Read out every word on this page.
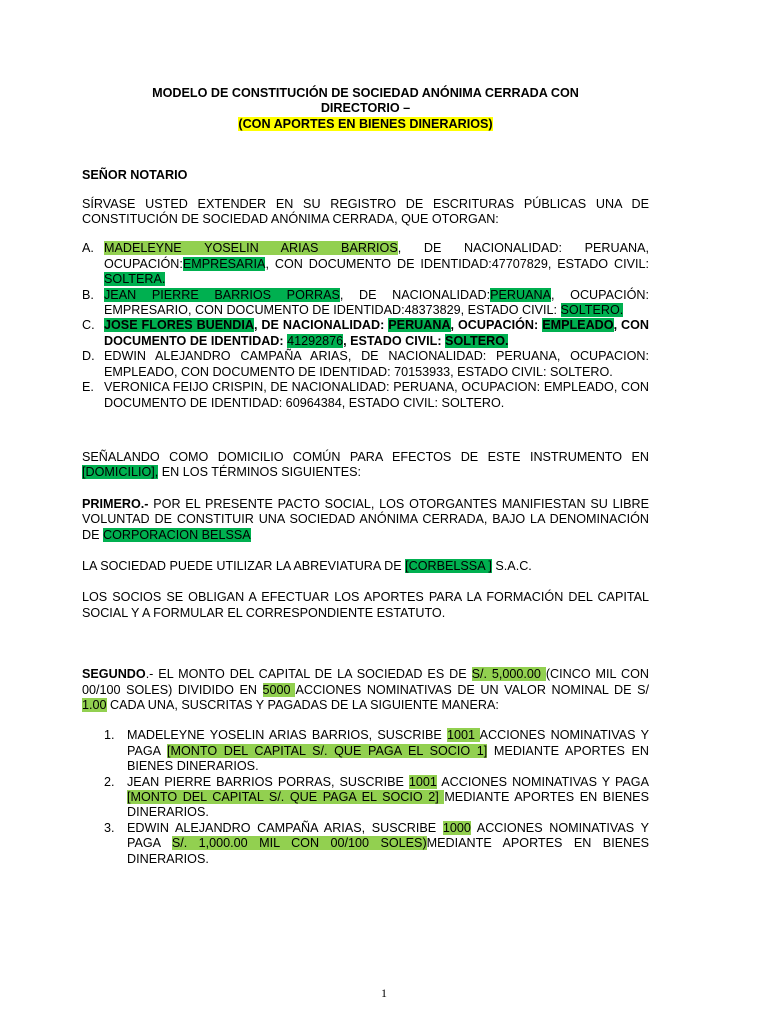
MODELO DE CONSTITUCIÓN DE SOCIEDAD ANÓNIMA CERRADA CON
DIRECTORIO –
(CON APORTES EN BIENES DINERARIOS)

SEÑOR NOTARIO

SÍRVASE USTED EXTENDER EN SU REGISTRO DE ESCRITURAS PÚBLICAS UNA DE CONSTITUCIÓN DE SOCIEDAD ANÓNIMA CERRADA, QUE OTORGAN:

A. MADELEYNE YOSELIN ARIAS BARRIOS, DE NACIONALIDAD: PERUANA, OCUPACIÓN:EMPRESARIA, CON DOCUMENTO DE IDENTIDAD:47707829, ESTADO CIVIL: SOLTERA.
B. JEAN PIERRE BARRIOS PORRAS, DE NACIONALIDAD:PERUANA, OCUPACIÓN: EMPRESARIO, CON DOCUMENTO DE IDENTIDAD:48373829, ESTADO CIVIL: SOLTERO.
C. JOSE FLORES BUENDIA, DE NACIONALIDAD: PERUANA, OCUPACIÓN: EMPLEADO, CON DOCUMENTO DE IDENTIDAD: 41292876, ESTADO CIVIL: SOLTERO.
D. EDWIN ALEJANDRO CAMPAÑA ARIAS, DE NACIONALIDAD: PERUANA, OCUPACION: EMPLEADO, CON DOCUMENTO DE IDENTIDAD: 70153933, ESTADO CIVIL: SOLTERO.
E. VERONICA FEIJO CRISPIN, DE NACIONALIDAD: PERUANA, OCUPACION: EMPLEADO, CON DOCUMENTO DE IDENTIDAD: 60964384, ESTADO CIVIL: SOLTERO.

SEÑALANDO COMO DOMICILIO COMÚN PARA EFECTOS DE ESTE INSTRUMENTO EN [DOMICILIO], EN LOS TÉRMINOS SIGUIENTES:

PRIMERO.- POR EL PRESENTE PACTO SOCIAL, LOS OTORGANTES MANIFIESTAN SU LIBRE VOLUNTAD DE CONSTITUIR UNA SOCIEDAD ANÓNIMA CERRADA, BAJO LA DENOMINACIÓN DE CORPORACION BELSSA

LA SOCIEDAD PUEDE UTILIZAR LA ABREVIATURA DE [CORBELSSA ] S.A.C.

LOS SOCIOS SE OBLIGAN A EFECTUAR LOS APORTES PARA LA FORMACIÓN DEL CAPITAL SOCIAL Y A FORMULAR EL CORRESPONDIENTE ESTATUTO.

SEGUNDO.- EL MONTO DEL CAPITAL DE LA SOCIEDAD ES DE S/. 5,000.00 (CINCO MIL CON 00/100 SOLES) DIVIDIDO EN 5000 ACCIONES NOMINATIVAS DE UN VALOR NOMINAL DE S/ 1.00 CADA UNA, SUSCRITAS Y PAGADAS DE LA SIGUIENTE MANERA:

1. MADELEYNE YOSELIN ARIAS BARRIOS, SUSCRIBE 1001 ACCIONES NOMINATIVAS Y PAGA [MONTO DEL CAPITAL S/. QUE PAGA EL SOCIO 1] MEDIANTE APORTES EN BIENES DINERARIOS.
2. JEAN PIERRE BARRIOS PORRAS, SUSCRIBE 1001 ACCIONES NOMINATIVAS Y PAGA [MONTO DEL CAPITAL S/. QUE PAGA EL SOCIO 2] MEDIANTE APORTES EN BIENES DINERARIOS.
3. EDWIN ALEJANDRO CAMPAÑA ARIAS, SUSCRIBE 1000 ACCIONES NOMINATIVAS Y PAGA S/. 1,000.00 MIL CON 00/100 SOLES)MEDIANTE APORTES EN BIENES DINERARIOS.
1
